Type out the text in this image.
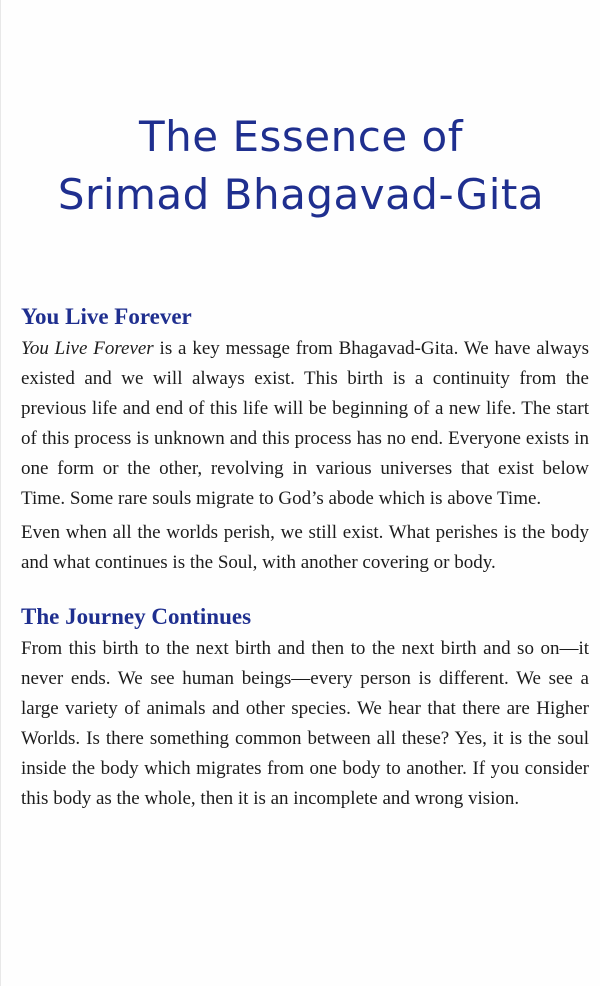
The Essence of
Srimad Bhagavad-Gita
You Live Forever

You Live Forever is a key message from Bhagavad-Gita. We have always existed and we will always exist. This birth is a continuity from the previous life and end of this life will be beginning of a new life. The start of this process is unknown and this process has no end. Everyone exists in one form or the other, revolving in various universes that exist below Time. Some rare souls migrate to God’s abode which is above Time.

Even when all the worlds perish, we still exist. What perishes is the body and what continues is the Soul, with another covering or body.

The Journey Continues

From this birth to the next birth and then to the next birth and so on—it never ends. We see human beings—every person is different. We see a large variety of animals and other species. We hear that there are Higher Worlds. Is there something common between all these? Yes, it is the soul inside the body which migrates from one body to another. If you consider this body as the whole, then it is an incomplete and wrong vision.
